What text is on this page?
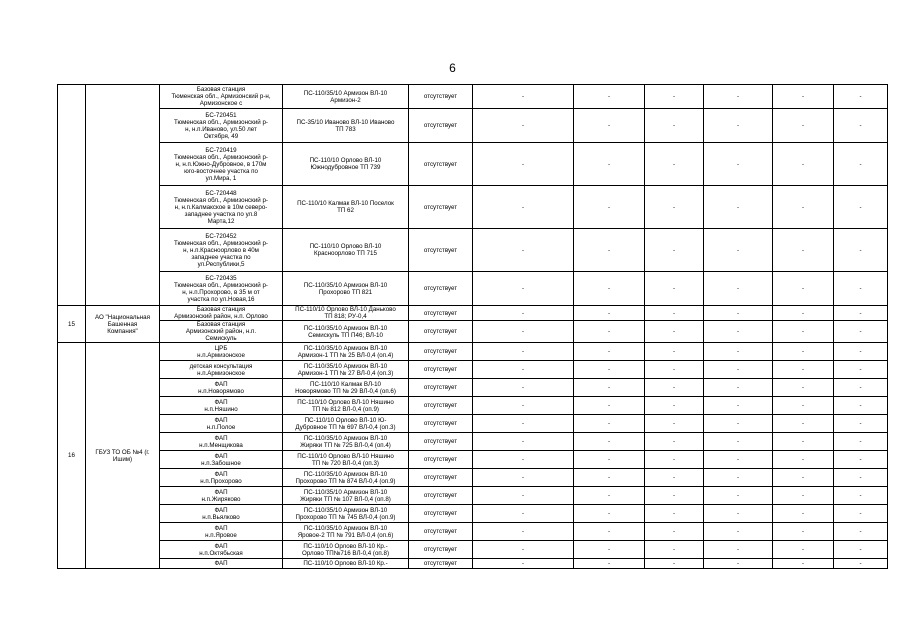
6

		Базовая станция
Тюменская обл., Армизонский р-н,
Армизонское с	ПС-110/35/10 Армизон ВЛ-10
Армизон-2	отсутствует	-	-	-	-	-	-

		БС-720451
Тюменская обл., Армизонский р-
н, н.п.Иваново, ул.50 лет
Октября, 49	ПС-35/10 Иваново ВЛ-10 Иваново
ТП 783	отсутствует	-	-	-	-	-	-

		БС-720419
Тюменская обл., Армизонский р-
н, н.п.Южно-Дубровное, в 170м
юго-восточнее участка по
ул.Мира, 1	ПС-110/10 Орлово ВЛ-10
Южнодубровное ТП 739	отсутствует	-	-	-	-	-	-

		БС-720448
Тюменская обл., Армизонский р-
н, н.п.Калмакское в 10м северо-
западнее участка по ул.8
Марта,12	ПС-110/10 Калмак ВЛ-10 Поселок
ТП 62	отсутствует	-	-	-	-	-	-

		БС-720452
Тюменская обл., Армизонский р-
н, н.п.Красноорлово в 40м
западнее участка по
ул.Республики,5	ПС-110/10 Орлово ВЛ-10
Красноорлово ТП 715	отсутствует	-	-	-	-	-	-

		БС-720435
Тюменская обл., Армизонский р-
н, н.п.Прохорово, в 35 м от
участка по ул.Новая,16	ПС-110/35/10 Армизон ВЛ-10
Прохорово ТП 821	отсутствует	-	-	-	-	-	-
15	АО "Национальная
Башенная
Компания"	Базовая станция
Армизонский район, н.п. Орлово	ПС-110/10 Орлово ВЛ-10 Даньково
ТП 818; РУ-0,4	отсутствует	-	-	-	-	-	-

		Базовая станция
Армизонский район, н.п.
Семискуль	ПС-110/35/10 Армизон ВЛ-10
Семискуль ТП П46; ВЛ-10	отсутствует	-	-	-	-	-	-
16	ГБУЗ ТО ОБ №4 (г.
Ишим)	ЦРБ
н.п.Армизонское	ПС-110/35/10 Армизон ВЛ-10
Армизон-1 ТП № 25 ВЛ-0,4 (оп.4)	отсутствует	-	-	-	-	-	-

		детская консультация
н.п.Армизонское	ПС-110/35/10 Армизон ВЛ-10
Армизон-1 ТП № 27 ВЛ-0,4 (оп.3)	отсутствует	-	-	-	-	-	-

		ФАП
н.п.Новорямово	ПС-110/10 Калмак ВЛ-10
Новорямово ТП № 29 ВЛ-0,4 (оп.6)	отсутствует	-	-	-	-	-	-

		ФАП
н.п.Няшино	ПС-110/10 Орлово ВЛ-10 Няшино
ТП № 812 ВЛ-0,4 (оп.9)	отсутствует	-	-	-	-	-	-

		ФАП
н.п.Полое	ПС-110/10 Орлово ВЛ-10 Ю-
Дубровное ТП № 697 ВЛ-0,4 (оп.3)	отсутствует	-	-	-	-	-	-

		ФАП
н.п.Менщикова	ПС-110/35/10 Армизон ВЛ-10
Жиряки ТП № 725 ВЛ-0,4 (оп.4)	отсутствует	-	-	-	-	-	-

		ФАП
н.п.Забошное	ПС-110/10 Орлово ВЛ-10 Няшино
ТП № 720 ВЛ-0,4 (оп.3)	отсутствует	-	-	-	-	-	-

		ФАП
н.п.Прохорово	ПС-110/35/10 Армизон ВЛ-10
Прохорово ТП № 874 ВЛ-0,4 (оп.9)	отсутствует	-	-	-	-	-	-

		ФАП
н.п.Жиряково	ПС-110/35/10 Армизон ВЛ-10
Жиряки ТП № 107 ВЛ-0,4 (оп.8)	отсутствует	-	-	-	-	-	-

		ФАП
н.п.Вьялково	ПС-110/35/10 Армизон ВЛ-10
Прохорово ТП № 745 ВЛ-0,4 (оп.9)	отсутствует	-	-	-	-	-	-

		ФАП
н.п.Яровое	ПС-110/35/10 Армизон ВЛ-10
Яровое-2 ТП № 791 ВЛ-0,4 (оп.6)	отсутствует	-	-	-	-	-	-

		ФАП
н.п.Октябьская	ПС-110/10 Орлово ВЛ-10 Кр.-
Орлово ТП№716 ВЛ-0,4 (оп.8)	отсутствует	-	-	-	-	-	-

		ФАП	ПС-110/10 Орлово ВЛ-10 Кр.-	отсутствует	-	-	-	-	-	-
